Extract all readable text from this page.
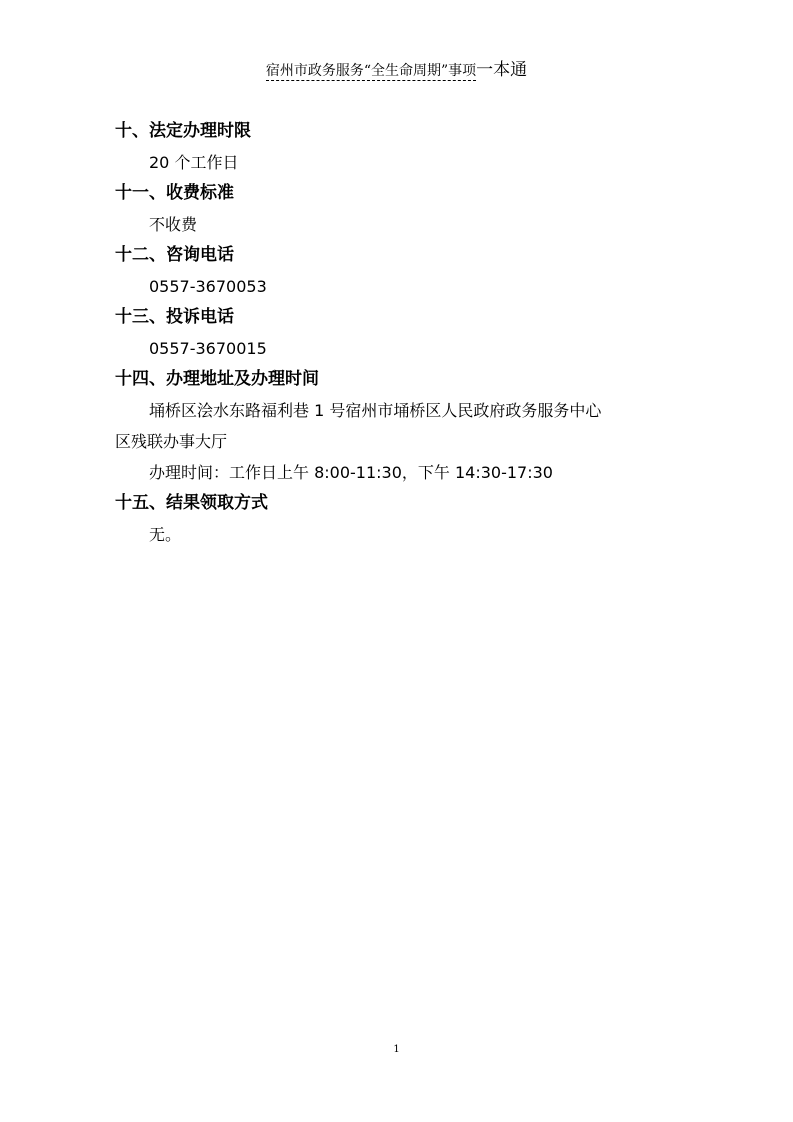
宿州市政务服务“全生命周期”事项一本通
十、法定办理时限
20 个工作日
十一、收费标准
不收费
十二、咨询电话
0557-3670053
十三、投诉电话
0557-3670015
十四、办理地址及办理时间
埇桥区浍水东路福利巷 1 号宿州市埇桥区人民政府政务服务中心
区残联办事大厅
办理时间：工作日上午 8:00-11:30，下午 14:30-17:30
十五、结果领取方式
无。
1
